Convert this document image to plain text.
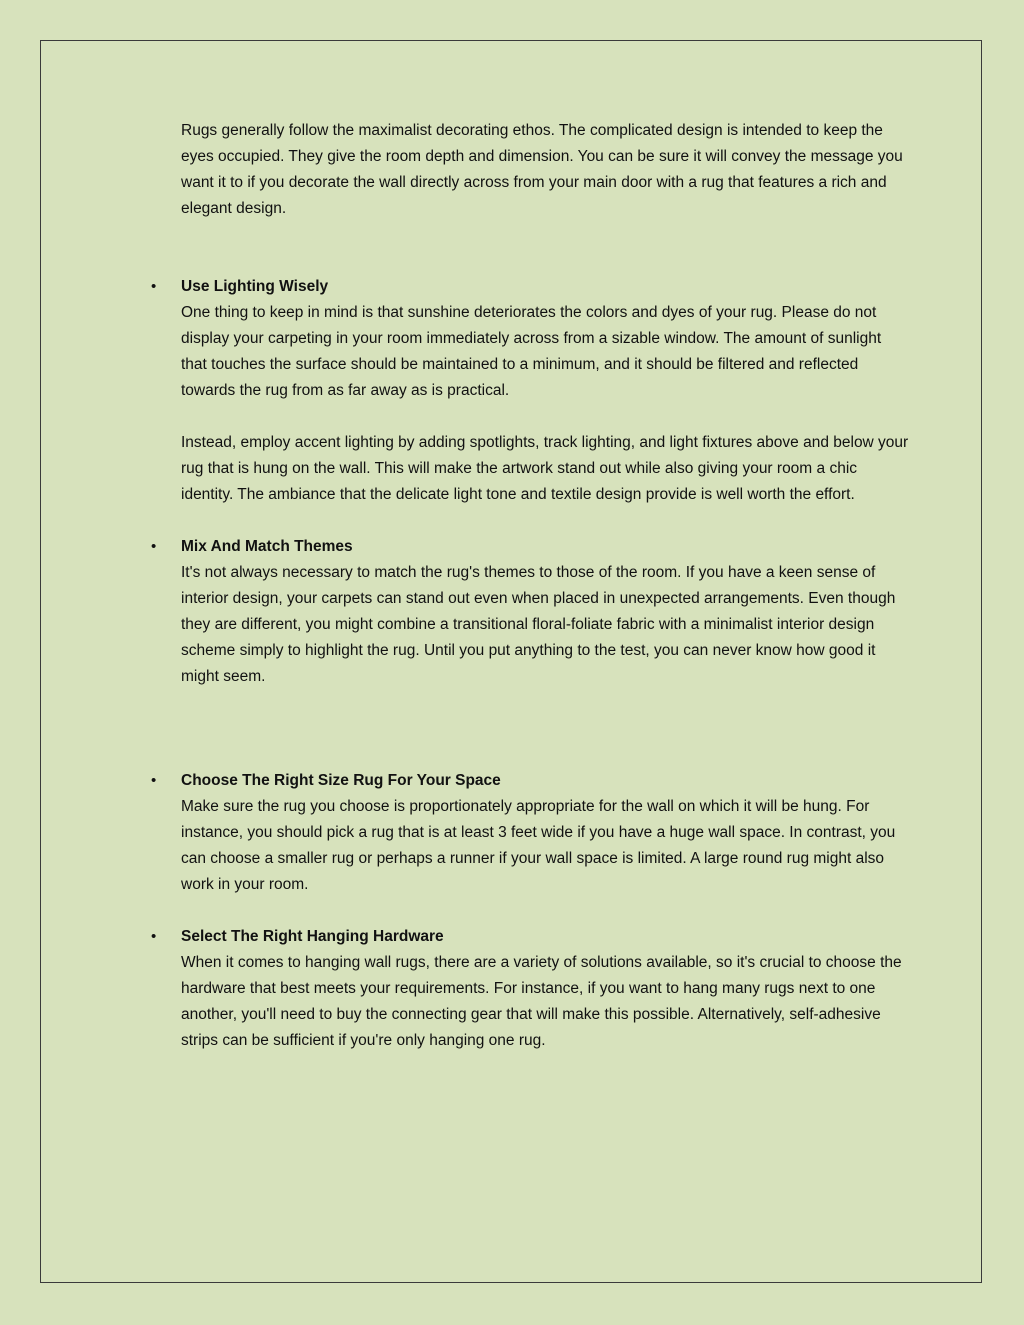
Rugs generally follow the maximalist decorating ethos. The complicated design is intended to keep the eyes occupied. They give the room depth and dimension. You can be sure it will convey the message you want it to if you decorate the wall directly across from your main door with a rug that features a rich and elegant design.

• Use Lighting Wisely

One thing to keep in mind is that sunshine deteriorates the colors and dyes of your rug. Please do not display your carpeting in your room immediately across from a sizable window. The amount of sunlight that touches the surface should be maintained to a minimum, and it should be filtered and reflected towards the rug from as far away as is practical.

Instead, employ accent lighting by adding spotlights, track lighting, and light fixtures above and below your rug that is hung on the wall. This will make the artwork stand out while also giving your room a chic identity. The ambiance that the delicate light tone and textile design provide is well worth the effort.

• Mix And Match Themes

It's not always necessary to match the rug's themes to those of the room. If you have a keen sense of interior design, your carpets can stand out even when placed in unexpected arrangements. Even though they are different, you might combine a transitional floral-foliate fabric with a minimalist interior design scheme simply to highlight the rug. Until you put anything to the test, you can never know how good it might seem.

• Choose The Right Size Rug For Your Space

Make sure the rug you choose is proportionately appropriate for the wall on which it will be hung. For instance, you should pick a rug that is at least 3 feet wide if you have a huge wall space. In contrast, you can choose a smaller rug or perhaps a runner if your wall space is limited. A large round rug might also work in your room.

• Select The Right Hanging Hardware

When it comes to hanging wall rugs, there are a variety of solutions available, so it's crucial to choose the hardware that best meets your requirements. For instance, if you want to hang many rugs next to one another, you'll need to buy the connecting gear that will make this possible. Alternatively, self-adhesive strips can be sufficient if you're only hanging one rug.
